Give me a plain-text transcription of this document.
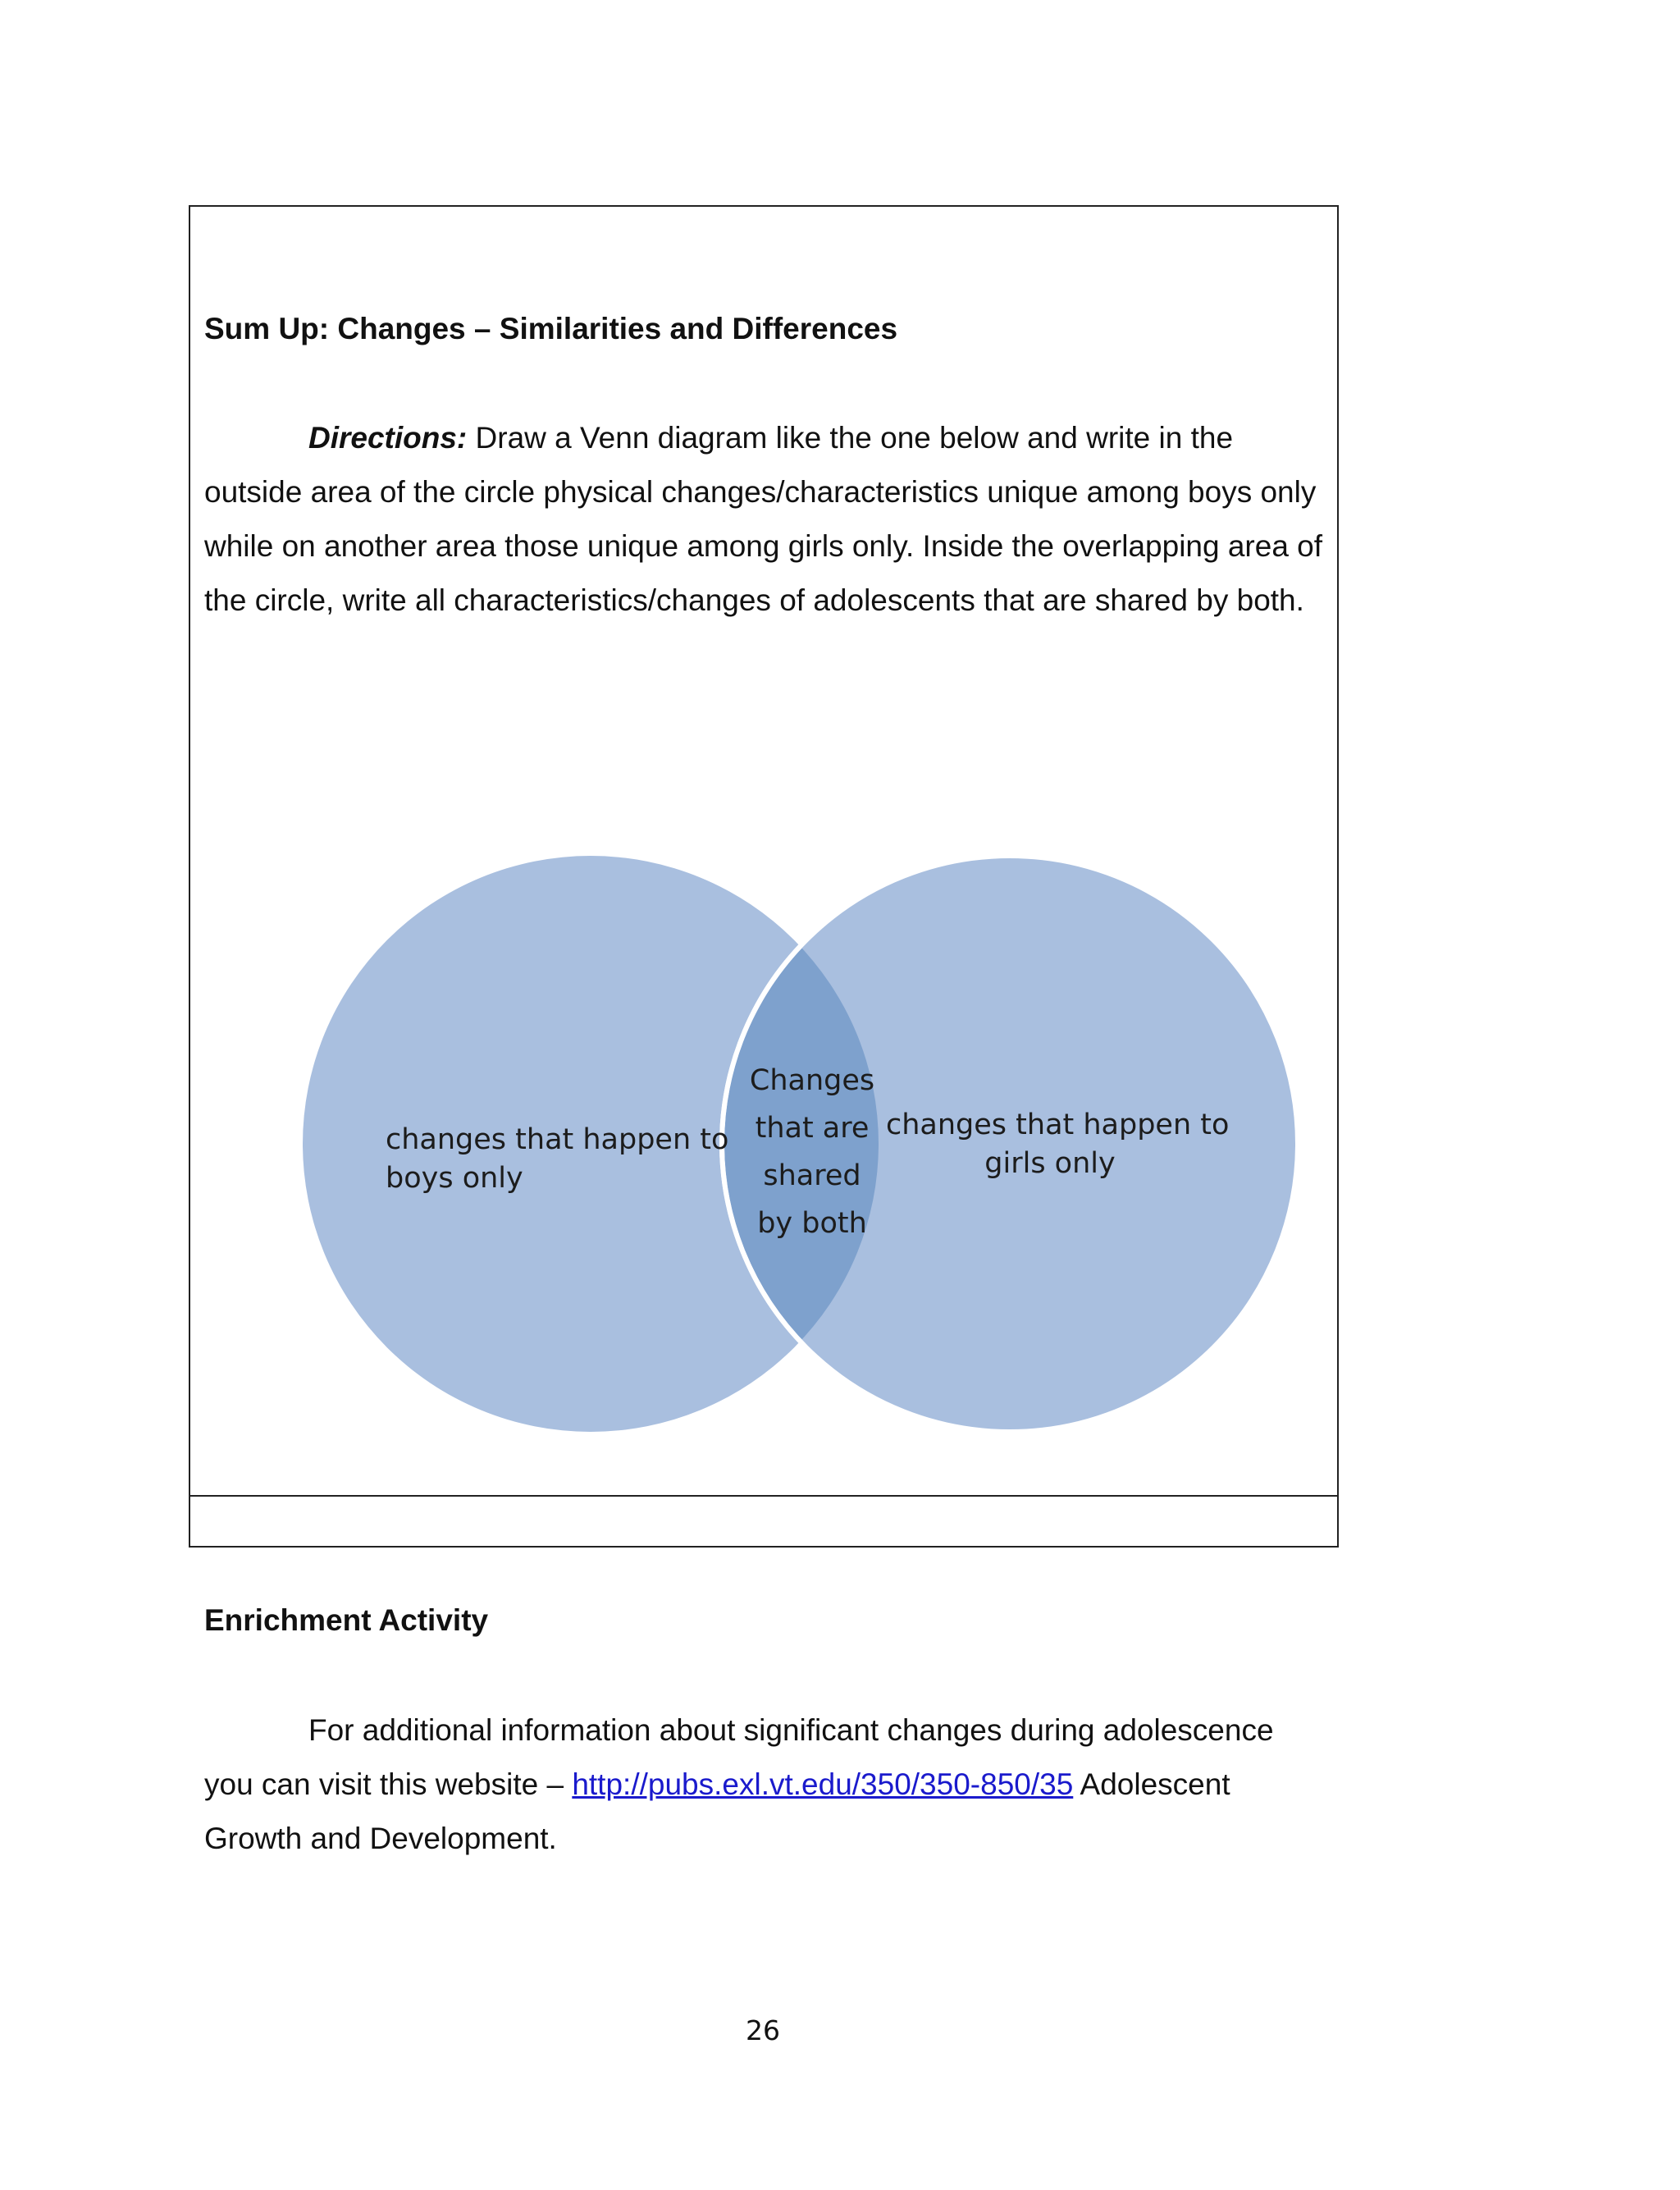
Sum Up: Changes – Similarities and Differences

Directions: Draw a Venn diagram like the one below and write in the outside area of the circle physical changes/characteristics unique among boys only while on another area those unique among girls only. Inside the overlapping area of the circle, write all characteristics/changes of adolescents that are shared by both.

changes that happen to
boys only

Changes
that are
shared
by both

changes that happen to
girls only

Enrichment Activity

For additional information about significant changes during adolescence you can visit this website – http://pubs.exl.vt.edu/350/350-850/35 Adolescent Growth and Development.

26
